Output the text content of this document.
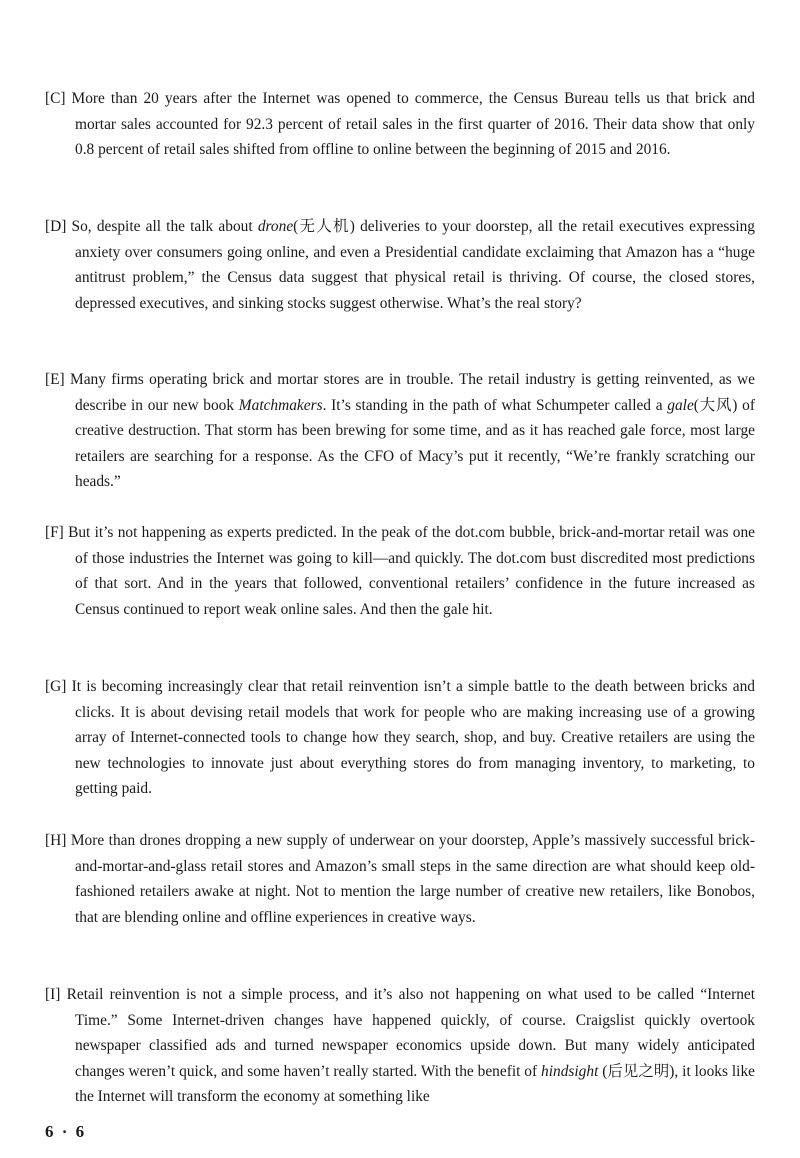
[C] More than 20 years after the Internet was opened to commerce, the Census Bureau tells us that brick and mortar sales accounted for 92.3 percent of retail sales in the first quarter of 2016. Their data show that only 0.8 percent of retail sales shifted from offline to online between the beginning of 2015 and 2016.

[D] So, despite all the talk about drone(无人机) deliveries to your doorstep, all the retail executives expressing anxiety over consumers going online, and even a Presidential candidate exclaiming that Amazon has a “huge antitrust problem,” the Census data suggest that physical retail is thriving. Of course, the closed stores, depressed executives, and sinking stocks suggest otherwise. What’s the real story?

[E] Many firms operating brick and mortar stores are in trouble. The retail industry is getting reinvented, as we describe in our new book Matchmakers. It’s standing in the path of what Schumpeter called a gale(大风) of creative destruction. That storm has been brewing for some time, and as it has reached gale force, most large retailers are searching for a response. As the CFO of Macy’s put it recently, “We’re frankly scratching our heads.”

[F] But it’s not happening as experts predicted. In the peak of the dot.com bubble, brick-and-mortar retail was one of those industries the Internet was going to kill—and quickly. The dot.com bust discredited most predictions of that sort. And in the years that followed, conventional retailers’ confidence in the future increased as Census continued to report weak online sales. And then the gale hit.

[G] It is becoming increasingly clear that retail reinvention isn’t a simple battle to the death between bricks and clicks. It is about devising retail models that work for people who are making increasing use of a growing array of Internet-connected tools to change how they search, shop, and buy. Creative retailers are using the new technologies to innovate just about everything stores do from managing inventory, to marketing, to getting paid.

[H] More than drones dropping a new supply of underwear on your doorstep, Apple’s massively successful brick-and-mortar-and-glass retail stores and Amazon’s small steps in the same direction are what should keep old-fashioned retailers awake at night. Not to mention the large number of creative new retailers, like Bonobos, that are blending online and offline experiences in creative ways.

[I] Retail reinvention is not a simple process, and it’s also not happening on what used to be called “Internet Time.” Some Internet-driven changes have happened quickly, of course. Craigslist quickly overtook newspaper classified ads and turned newspaper economics upside down. But many widely anticipated changes weren’t quick, and some haven’t really started. With the benefit of hindsight (后见之明), it looks like the Internet will transform the economy at something like

6 · 6
